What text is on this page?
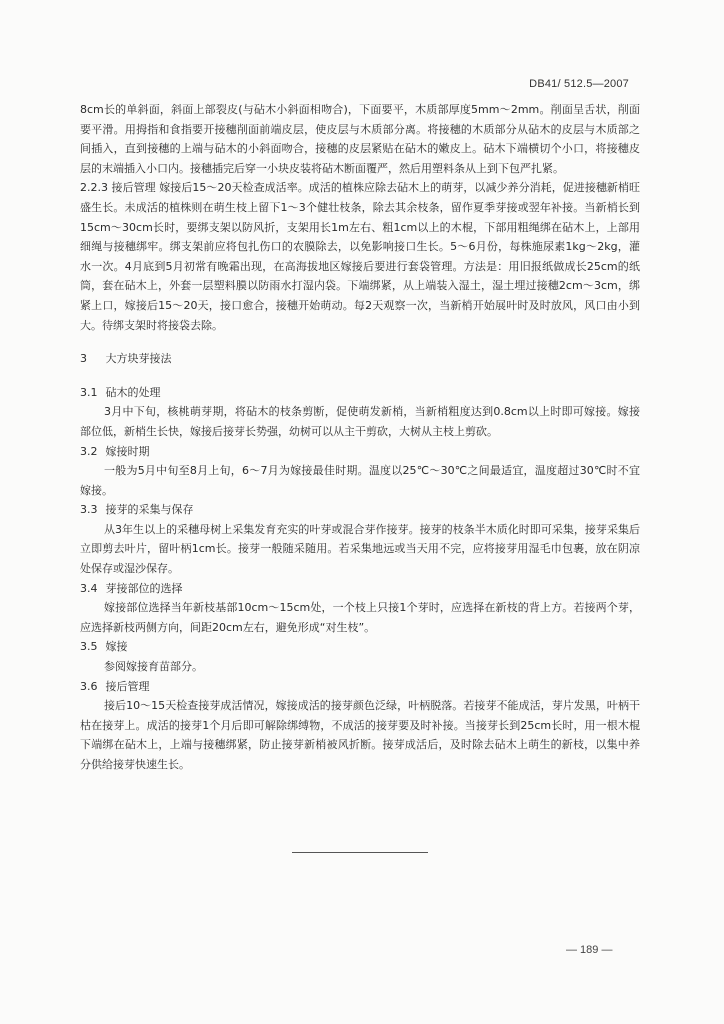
DB41/ 512.5—2007

8cm长的单斜面，斜面上部裂皮(与砧木小斜面相吻合)，下面要平，木质部厚度5mm～2mm。削面呈舌状，削面要平滑。用拇指和食指要开接穗削面前端皮层，使皮层与木质部分离。将接穗的木质部分从砧木的皮层与木质部之间插入，直到接穗的上端与砧木的小斜面吻合，接穗的皮层紧贴在砧木的嫩皮上。砧木下端横切个小口，将接穗皮层的末端插入小口内。接穗插完后穿一小块皮装将砧木断面覆严，然后用塑料条从上到下包严扎紧。

2.2.3 接后管理 嫁接后15～20天检查成活率。成活的植株应除去砧木上的萌芽，以减少养分消耗，促进接穗新梢旺盛生长。未成活的植株则在萌生枝上留下1～3个健壮枝条，除去其余枝条，留作夏季芽接或翌年补接。当新梢长到15cm～30cm长时，要绑支架以防风折，支架用长1m左右、粗1cm以上的木棍，下部用粗绳绑在砧木上，上部用细绳与接穗绑牢。绑支架前应将包扎伤口的农膜除去，以免影响接口生长。5～6月份，每株施尿素1kg～2kg，灌水一次。4月底到5月初常有晚霜出现，在高海拔地区嫁接后要进行套袋管理。方法是：用旧报纸做成长25cm的纸筒，套在砧木上，外套一层塑料膜以防雨水打湿内袋。下端绑紧，从上端装入湿土，湿土埋过接穗2cm～3cm，绑紧上口，嫁接后15～20天，接口愈合，接穗开始萌动。每2天观察一次，当新梢开始展叶时及时放风，风口由小到大。待绑支架时将接袋去除。

3 大方块芽接法

3.1 砧木的处理

3月中下旬，核桃萌芽期，将砧木的枝条剪断，促使萌发新梢，当新梢粗度达到0.8cm以上时即可嫁接。嫁接部位低，新梢生长快，嫁接后接芽长势强，幼树可以从主干剪砍，大树从主枝上剪砍。

3.2 嫁接时期

一般为5月中旬至8月上旬，6～7月为嫁接最佳时期。温度以25℃～30℃之间最适宜，温度超过30℃时不宜嫁接。

3.3 接芽的采集与保存

从3年生以上的采穗母树上采集发育充实的叶芽或混合芽作接芽。接芽的枝条半木质化时即可采集，接芽采集后立即剪去叶片，留叶柄1cm长。接芽一般随采随用。若采集地远或当天用不完，应将接芽用湿毛巾包裹，放在阴凉处保存或湿沙保存。

3.4 芽接部位的选择

嫁接部位选择当年新枝基部10cm～15cm处，一个枝上只接1个芽时，应选择在新枝的背上方。若接两个芽，应选择新枝两侧方向，间距20cm左右，避免形成“对生枝”。

3.5 嫁接

参阅嫁接育苗部分。

3.6 接后管理

接后10～15天检查接芽成活情况，嫁接成活的接芽颜色泛绿，叶柄脱落。若接芽不能成活，芽片发黑，叶柄干枯在接芽上。成活的接芽1个月后即可解除绑缚物，不成活的接芽要及时补接。当接芽长到25cm长时，用一根木棍下端绑在砧木上，上端与接穗绑紧，防止接芽新梢被风折断。接芽成活后，及时除去砧木上萌生的新枝，以集中养分供给接芽快速生长。

— 189 —
